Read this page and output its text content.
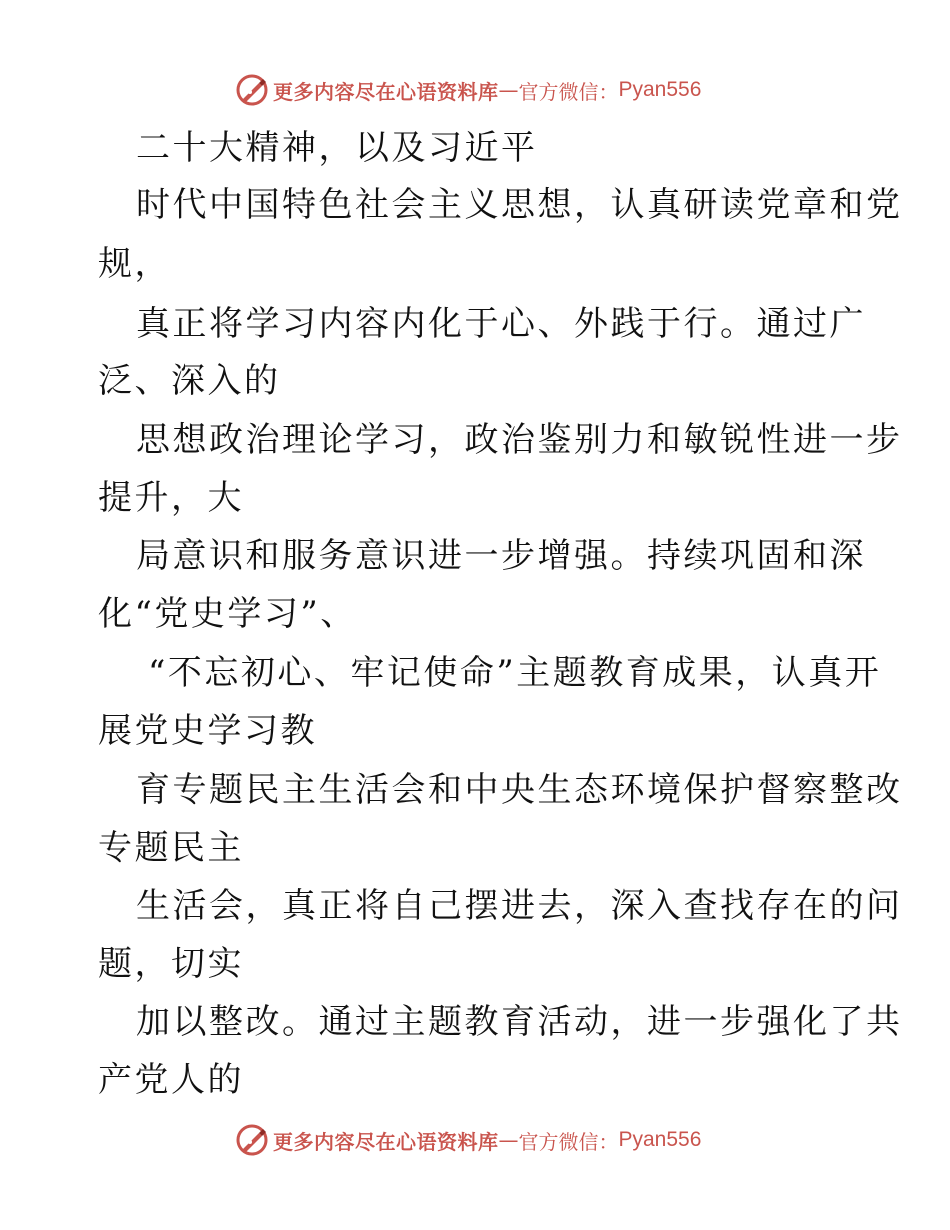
更多内容尽在心语资料库 — 官方微信： Pyan556
二十大精神，以及习近平
时代中国特色社会主义思想，认真研读党章和党
规，
真正将学习内容内化于心、外践于行。通过广
泛、深入的
思想政治理论学习，政治鉴别力和敏锐性进一步
提升，大
局意识和服务意识进一步增强。持续巩固和深
化“党史学习”、
“不忘初心、牢记使命”主题教育成果，认真开
展党史学习教
育专题民主生活会和中央生态环境保护督察整改
专题民主
生活会，真正将自己摆进去，深入查找存在的问
题，切实
加以整改。通过主题教育活动，进一步强化了共
产党人的
更多内容尽在心语资料库 — 官方微信： Pyan556
